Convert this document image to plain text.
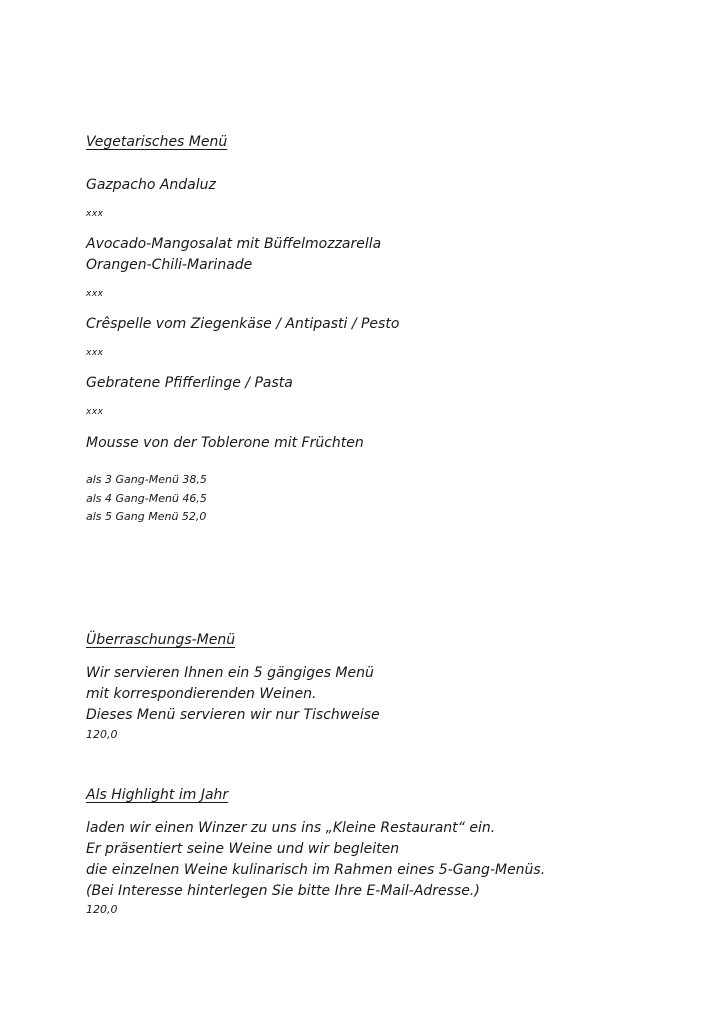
Vegetarisches Menü
Gazpacho Andaluz
xxx
Avocado-Mangosalat mit Büffelmozzarella
Orangen-Chili-Marinade
xxx
Crêspelle vom Ziegenkäse / Antipasti / Pesto
xxx
Gebratene Pfifferlinge / Pasta
xxx
Mousse von der Toblerone mit Früchten
als 3 Gang-Menü 38,5
als 4 Gang-Menü 46,5
als 5 Gang Menü 52,0
Überraschungs-Menü
Wir servieren Ihnen ein 5 gängiges Menü
mit korrespondierenden Weinen.
Dieses Menü servieren wir nur Tischweise
120,0
Als Highlight im Jahr
laden wir einen Winzer zu uns ins „Kleine Restaurant“ ein.
Er präsentiert seine Weine und wir begleiten
die einzelnen Weine kulinarisch im Rahmen eines 5-Gang-Menüs.
(Bei Interesse hinterlegen Sie bitte Ihre E-Mail-Adresse.)
120,0
